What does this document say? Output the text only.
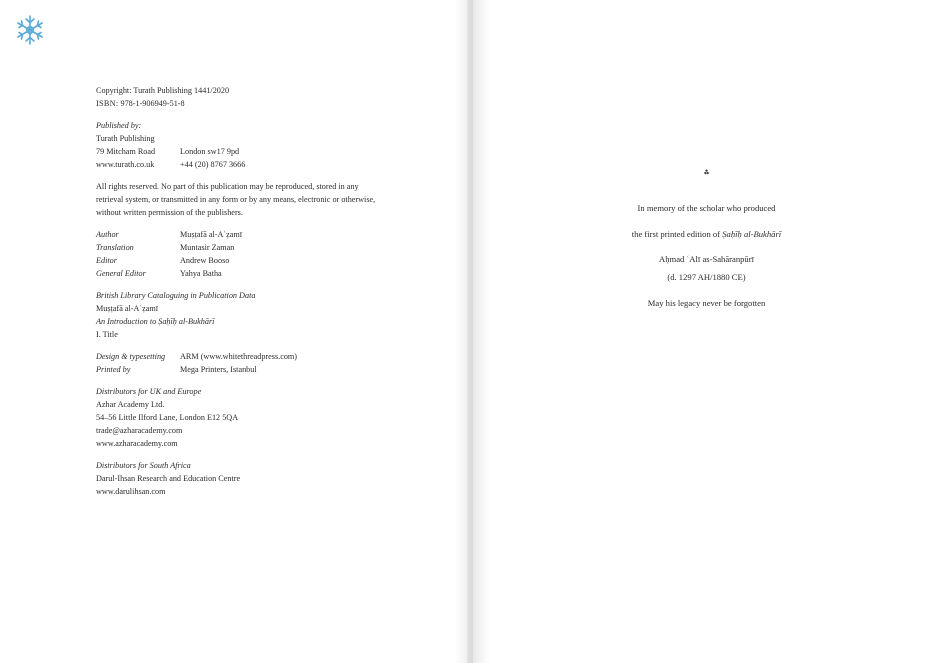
Copyright: Turath Publishing 1441/2020

ISBN: 978-1-906949-51-8

Published by:

Turath Publishing

79 Mitcham Road	London sw17 9pd
www.turath.co.uk	+44 (20) 8767 3666

All rights reserved. No part of this publication may be reproduced, stored in any retrieval system, or transmitted in any form or by any means, electronic or otherwise, without written permission of the publishers.

Author	Muṣṭafā al-Aʿẓamī
Translation	Muntasir Zaman
Editor	Andrew Booso
General Editor	Yahya Batha

British Library Cataloguing in Publication Data

Muṣṭafā al-Aʿẓamī

An Introduction to Ṣaḥīḥ al-Bukhārī

I. Title

Design & typesetting	ARM (www.whitethreadpress.com)
Printed by	Mega Printers, Istanbul

Distributors for UK and Europe

Azhar Academy Ltd.

54–56 Little Ilford Lane, London E12 5QA

trade@azharacademy.com

www.azharacademy.com

Distributors for South Africa

Darul-Ihsan Research and Education Centre

www.darulihsan.com

؞
In memory of the scholar who produced
the first printed edition of Ṣaḥīḥ al-Bukhārī
Aḥmad ʿAlī as-Sahāranpūrī
(d. 1297 AH/1880 CE)
May his legacy never be forgotten
